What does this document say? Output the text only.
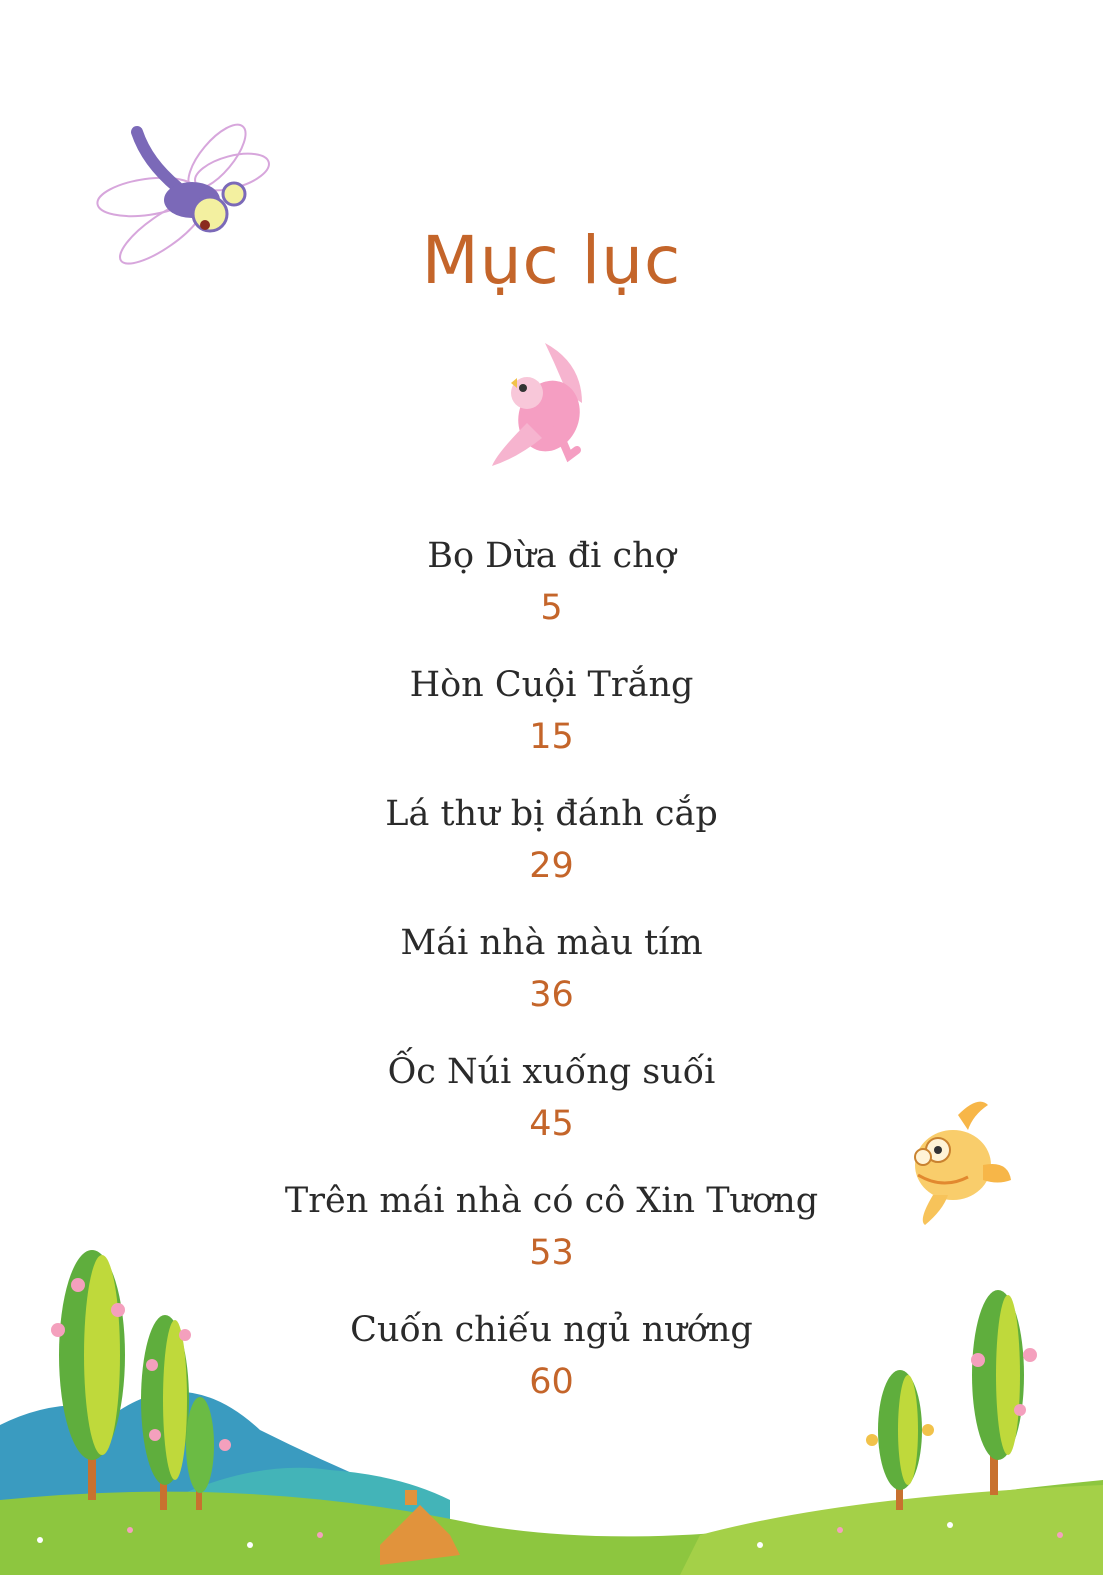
Mục lục
Bọ Dừa đi chợ
5
Hòn Cuội Trắng
15
Lá thư bị đánh cắp
29
Mái nhà màu tím
36
Ốc Núi xuống suối
45
Trên mái nhà có cô Xin Tương
53
Cuốn chiếu ngủ nướng
60
